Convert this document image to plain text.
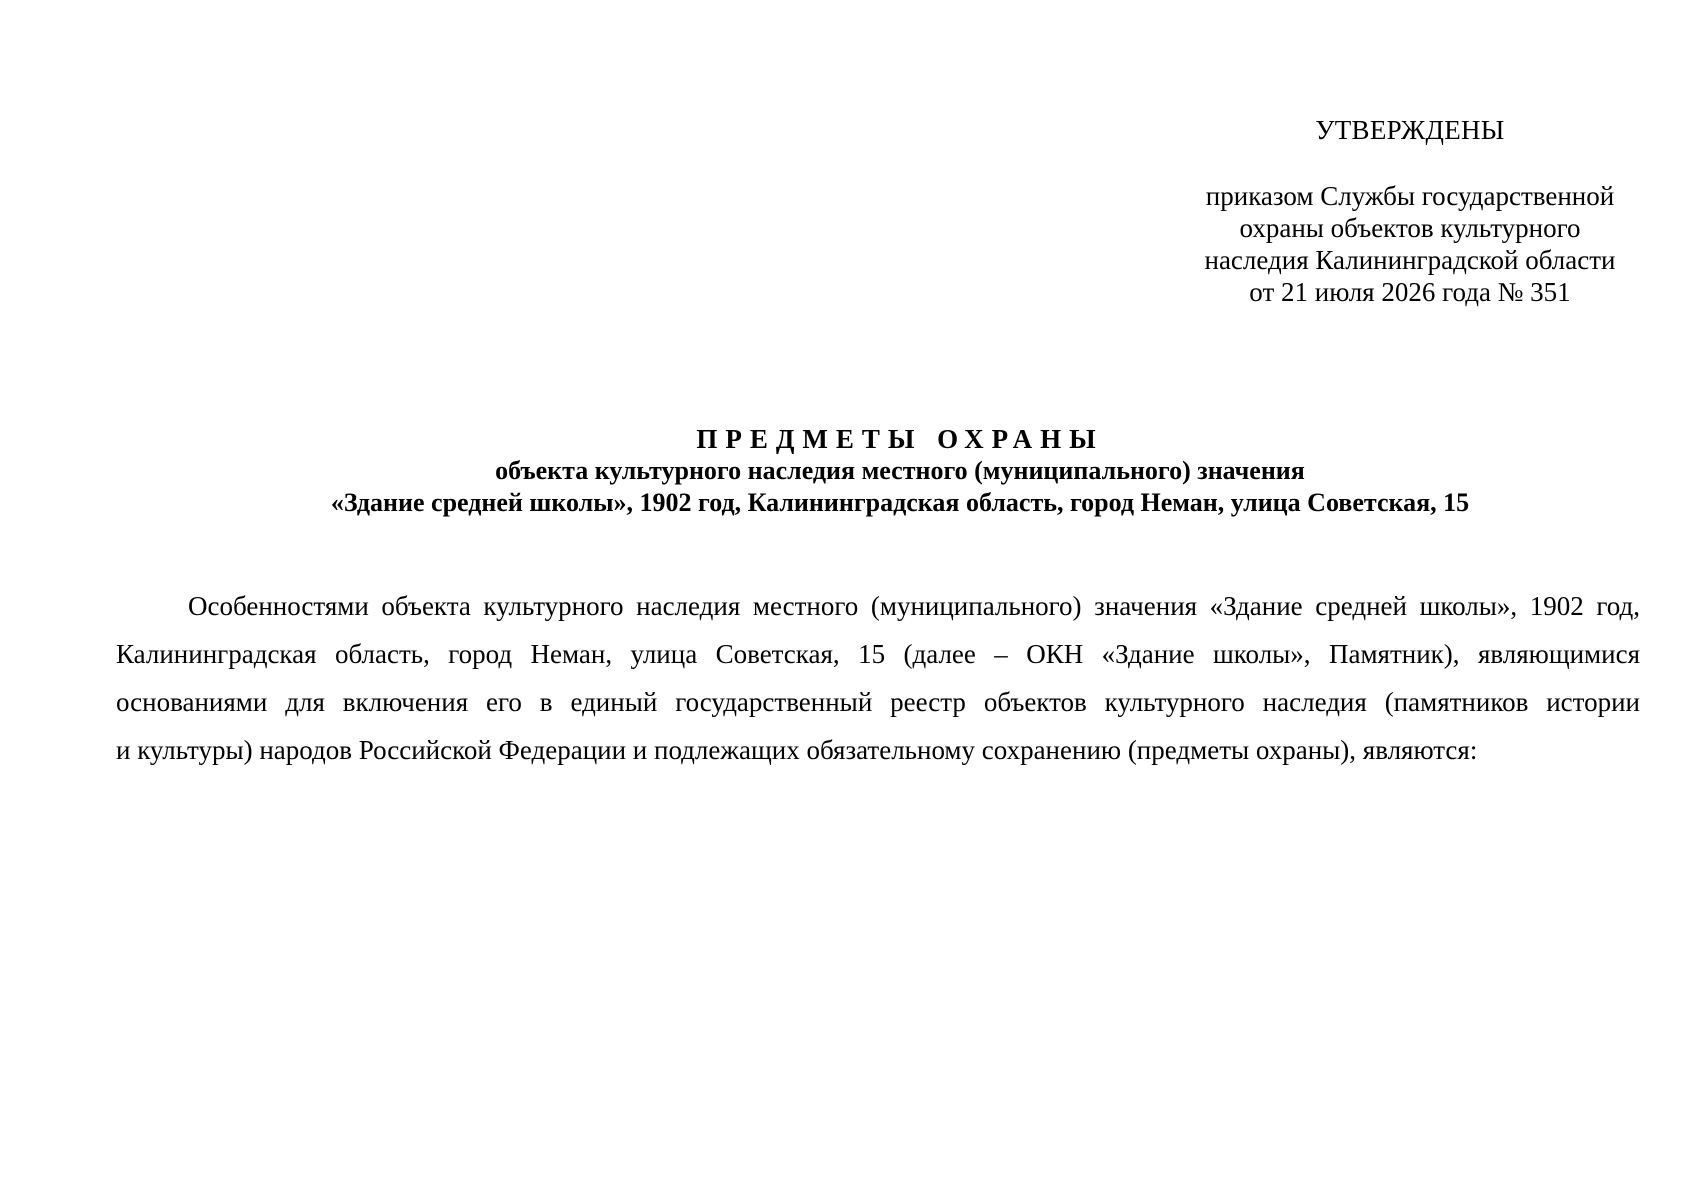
УТВЕРЖДЕНЫ
приказом Службы государственной
охраны объектов культурного
наследия Калининградской области
от 21 июля 2026 года № 351
ПРЕДМЕТЫ ОХРАНЫ
объекта культурного наследия местного (муниципального) значения
«Здание средней школы», 1902 год, Калининградская область, город Неман, улица Советская, 15
Особенностями объекта культурного наследия местного (муниципального) значения «Здание средней школы», 1902 год,
Калининградская область, город Неман, улица Советская, 15 (далее – ОКН «Здание школы», Памятник), являющимися
основаниями для включения его в единый государственный реестр объектов культурного наследия (памятников истории
и культуры) народов Российской Федерации и подлежащих обязательному сохранению (предметы охраны), являются:
